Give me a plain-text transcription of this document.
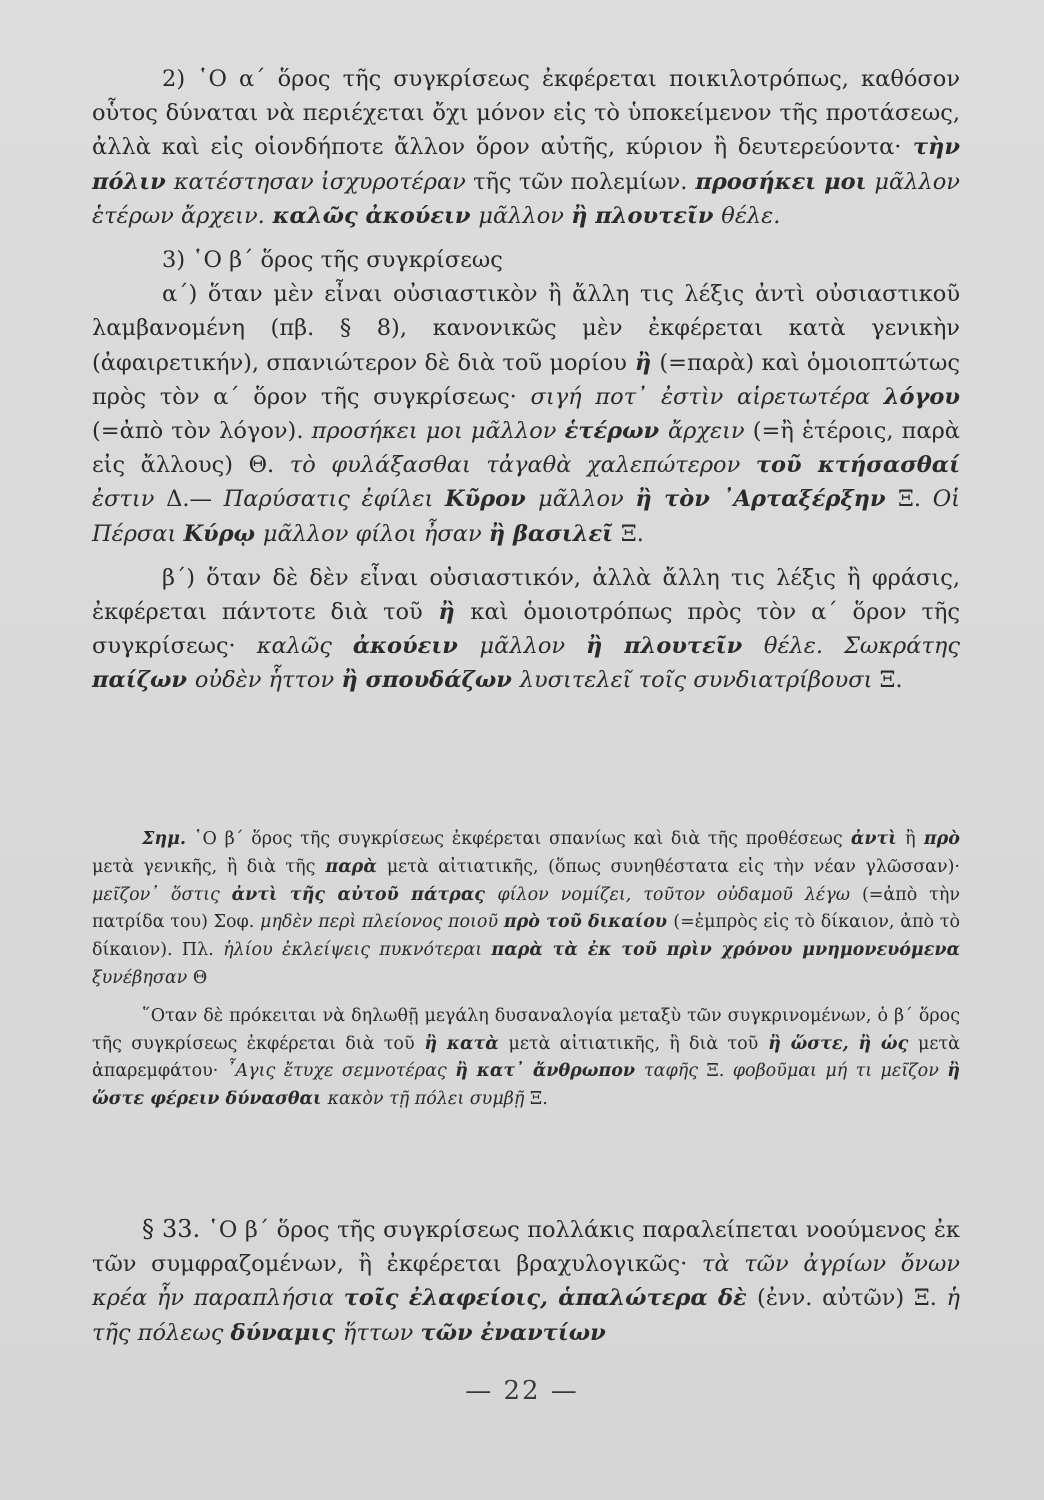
2) ῾Ο α΄ ὅρος τῆς συγκρίσεως ἐκφέρεται ποικιλοτρόπως, καθόσον οὗτος δύναται νὰ περιέχεται ὄχι μόνον εἰς τὸ ὑποκείμενον τῆς προτάσεως, ἀλλὰ καὶ εἰς οἱονδήποτε ἄλλον ὅρον αὐτῆς, κύριον ἢ δευτερεύοντα· τὴν πόλιν κατέστησαν ἰσχυροτέραν τῆς τῶν πολεμίων. προσήκει μοι μᾶλλον ἑτέρων ἄρχειν. καλῶς ἀκούειν μᾶλλον ἢ πλουτεῖν θέλε.

3) ῾Ο β΄ ὅρος τῆς συγκρίσεως

α΄) ὅταν μὲν εἶναι οὐσιαστικὸν ἢ ἄλλη τις λέξις ἀντὶ οὐσιαστικοῦ λαμβανομένη (πβ. § 8), κανονικῶς μὲν ἐκφέρεται κατὰ γενικὴν (ἀφαιρετικήν), σπανιώτερον δὲ διὰ τοῦ μορίου ἢ (=παρὰ) καὶ ὁμοιοπτώτως πρὸς τὸν α΄ ὅρον τῆς συγκρίσεως· σιγή ποτ᾽ ἐστὶν αἱρετωτέρα λόγου (=ἀπὸ τὸν λόγον). προσήκει μοι μᾶλλον ἑτέρων ἄρχειν (=ἢ ἑτέροις, παρὰ εἰς ἄλλους) Θ. τὸ φυλάξασθαι τἀγαθὰ χαλεπώτερον τοῦ κτήσασθαί ἐστιν Δ.— Παρύσατις ἐφίλει Κῦρον μᾶλλον ἢ τὸν ᾽Αρταξέρξην Ξ. Οἱ Πέρσαι Κύρῳ μᾶλλον φίλοι ἦσαν ἢ βασιλεῖ Ξ.

β΄) ὅταν δὲ δὲν εἶναι οὐσιαστικόν, ἀλλὰ ἄλλη τις λέξις ἢ φράσις, ἐκφέρεται πάντοτε διὰ τοῦ ἢ καὶ ὁμοιοτρόπως πρὸς τὸν α΄ ὅρον τῆς συγκρίσεως· καλῶς ἀκούειν μᾶλλον ἢ πλουτεῖν θέλε. Σωκράτης παίζων οὐδὲν ἧττον ἢ σπουδάζων λυσιτελεῖ τοῖς συνδιατρίβουσι Ξ.

Σημ. ῾Ο β΄ ὅρος τῆς συγκρίσεως ἐκφέρεται σπανίως καὶ διὰ τῆς προθέσεως ἀντὶ ἢ πρὸ μετὰ γενικῆς, ἢ διὰ τῆς παρὰ μετὰ αἰτιατικῆς, (ὅπως συνηθέστατα εἰς τὴν νέαν γλῶσσαν)· μεῖζον᾽ ὅστις ἀντὶ τῆς αὐτοῦ πάτρας φίλον νομίζει, τοῦτον οὐδαμοῦ λέγω (=ἀπὸ τὴν πατρίδα του) Σοφ. μηδὲν περὶ πλείονος ποιοῦ πρὸ τοῦ δικαίου (=ἐμπρὸς εἰς τὸ δίκαιον, ἀπὸ τὸ δίκαιον). Πλ. ἡλίου ἐκλείψεις πυκνότεραι παρὰ τὰ ἐκ τοῦ πρὶν χρόνου μνημονευόμενα ξυνέβησαν Θ

῞Οταν δὲ πρόκειται νὰ δηλωθῇ μεγάλη δυσαναλογία μεταξὺ τῶν συγκρινομένων, ὁ β΄ ὅρος τῆς συγκρίσεως ἐκφέρεται διὰ τοῦ ἢ κατὰ μετὰ αἰτιατικῆς, ἢ διὰ τοῦ ἢ ὥστε, ἢ ὡς μετὰ ἀπαρεμφάτου· ῏Αγις ἔτυχε σεμνοτέρας ἢ κατ᾽ ἄνθρωπον ταφῆς Ξ. φοβοῦμαι μή τι μεῖζον ἢ ὥστε φέρειν δύνασθαι κακὸν τῇ πόλει συμβῇ Ξ.

§ 33. ῾Ο β΄ ὅρος τῆς συγκρίσεως πολλάκις παραλείπεται νοούμενος ἐκ τῶν συμφραζομένων, ἢ ἐκφέρεται βραχυλογικῶς· τὰ τῶν ἀγρίων ὄνων κρέα ἦν παραπλήσια τοῖς ἐλαφείοις, ἁπαλώτερα δὲ (ἐνν. αὐτῶν) Ξ. ἡ τῆς πόλεως δύναμις ἥττων τῶν ἐναντίων

— 22 —
